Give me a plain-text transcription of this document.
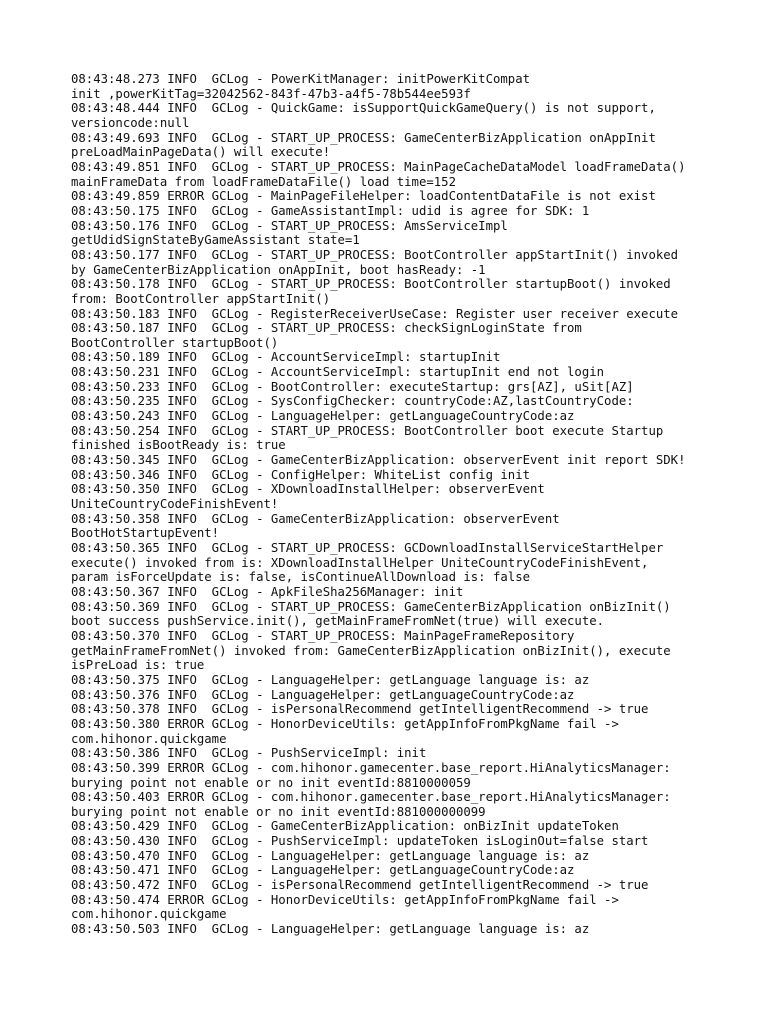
08:43:48.273 INFO  GCLog - PowerKitManager: initPowerKitCompat
init ,powerKitTag=32042562-843f-47b3-a4f5-78b544ee593f
08:43:48.444 INFO  GCLog - QuickGame: isSupportQuickGameQuery() is not support,
versioncode:null
08:43:49.693 INFO  GCLog - START_UP_PROCESS: GameCenterBizApplication onAppInit
preLoadMainPageData() will execute!
08:43:49.851 INFO  GCLog - START_UP_PROCESS: MainPageCacheDataModel loadFrameData()
mainFrameData from loadFrameDataFile() load time=152
08:43:49.859 ERROR GCLog - MainPageFileHelper: loadContentDataFile is not exist
08:43:50.175 INFO  GCLog - GameAssistantImpl: udid is agree for SDK: 1
08:43:50.176 INFO  GCLog - START_UP_PROCESS: AmsServiceImpl
getUdidSignStateByGameAssistant state=1
08:43:50.177 INFO  GCLog - START_UP_PROCESS: BootController appStartInit() invoked
by GameCenterBizApplication onAppInit, boot hasReady: -1
08:43:50.178 INFO  GCLog - START_UP_PROCESS: BootController startupBoot() invoked
from: BootController appStartInit()
08:43:50.183 INFO  GCLog - RegisterReceiverUseCase: Register user receiver execute
08:43:50.187 INFO  GCLog - START_UP_PROCESS: checkSignLoginState from
BootController startupBoot()
08:43:50.189 INFO  GCLog - AccountServiceImpl: startupInit
08:43:50.231 INFO  GCLog - AccountServiceImpl: startupInit end not login
08:43:50.233 INFO  GCLog - BootController: executeStartup: grs[AZ], uSit[AZ]
08:43:50.235 INFO  GCLog - SysConfigChecker: countryCode:AZ,lastCountryCode:
08:43:50.243 INFO  GCLog - LanguageHelper: getLanguageCountryCode:az
08:43:50.254 INFO  GCLog - START_UP_PROCESS: BootController boot execute Startup
finished isBootReady is: true
08:43:50.345 INFO  GCLog - GameCenterBizApplication: observerEvent init report SDK!
08:43:50.346 INFO  GCLog - ConfigHelper: WhiteList config init
08:43:50.350 INFO  GCLog - XDownloadInstallHelper: observerEvent
UniteCountryCodeFinishEvent!
08:43:50.358 INFO  GCLog - GameCenterBizApplication: observerEvent
BootHotStartupEvent!
08:43:50.365 INFO  GCLog - START_UP_PROCESS: GCDownloadInstallServiceStartHelper
execute() invoked from is: XDownloadInstallHelper UniteCountryCodeFinishEvent,
param isForceUpdate is: false, isContinueAllDownload is: false
08:43:50.367 INFO  GCLog - ApkFileSha256Manager: init
08:43:50.369 INFO  GCLog - START_UP_PROCESS: GameCenterBizApplication onBizInit()
boot success pushService.init(), getMainFrameFromNet(true) will execute.
08:43:50.370 INFO  GCLog - START_UP_PROCESS: MainPageFrameRepository
getMainFrameFromNet() invoked from: GameCenterBizApplication onBizInit(), execute
isPreLoad is: true
08:43:50.375 INFO  GCLog - LanguageHelper: getLanguage language is: az
08:43:50.376 INFO  GCLog - LanguageHelper: getLanguageCountryCode:az
08:43:50.378 INFO  GCLog - isPersonalRecommend getIntelligentRecommend -> true
08:43:50.380 ERROR GCLog - HonorDeviceUtils: getAppInfoFromPkgName fail ->
com.hihonor.quickgame
08:43:50.386 INFO  GCLog - PushServiceImpl: init
08:43:50.399 ERROR GCLog - com.hihonor.gamecenter.base_report.HiAnalyticsManager:
burying point not enable or no init eventId:8810000059
08:43:50.403 ERROR GCLog - com.hihonor.gamecenter.base_report.HiAnalyticsManager:
burying point not enable or no init eventId:881000000099
08:43:50.429 INFO  GCLog - GameCenterBizApplication: onBizInit updateToken
08:43:50.430 INFO  GCLog - PushServiceImpl: updateToken isLoginOut=false start
08:43:50.470 INFO  GCLog - LanguageHelper: getLanguage language is: az
08:43:50.471 INFO  GCLog - LanguageHelper: getLanguageCountryCode:az
08:43:50.472 INFO  GCLog - isPersonalRecommend getIntelligentRecommend -> true
08:43:50.474 ERROR GCLog - HonorDeviceUtils: getAppInfoFromPkgName fail ->
com.hihonor.quickgame
08:43:50.503 INFO  GCLog - LanguageHelper: getLanguage language is: az
